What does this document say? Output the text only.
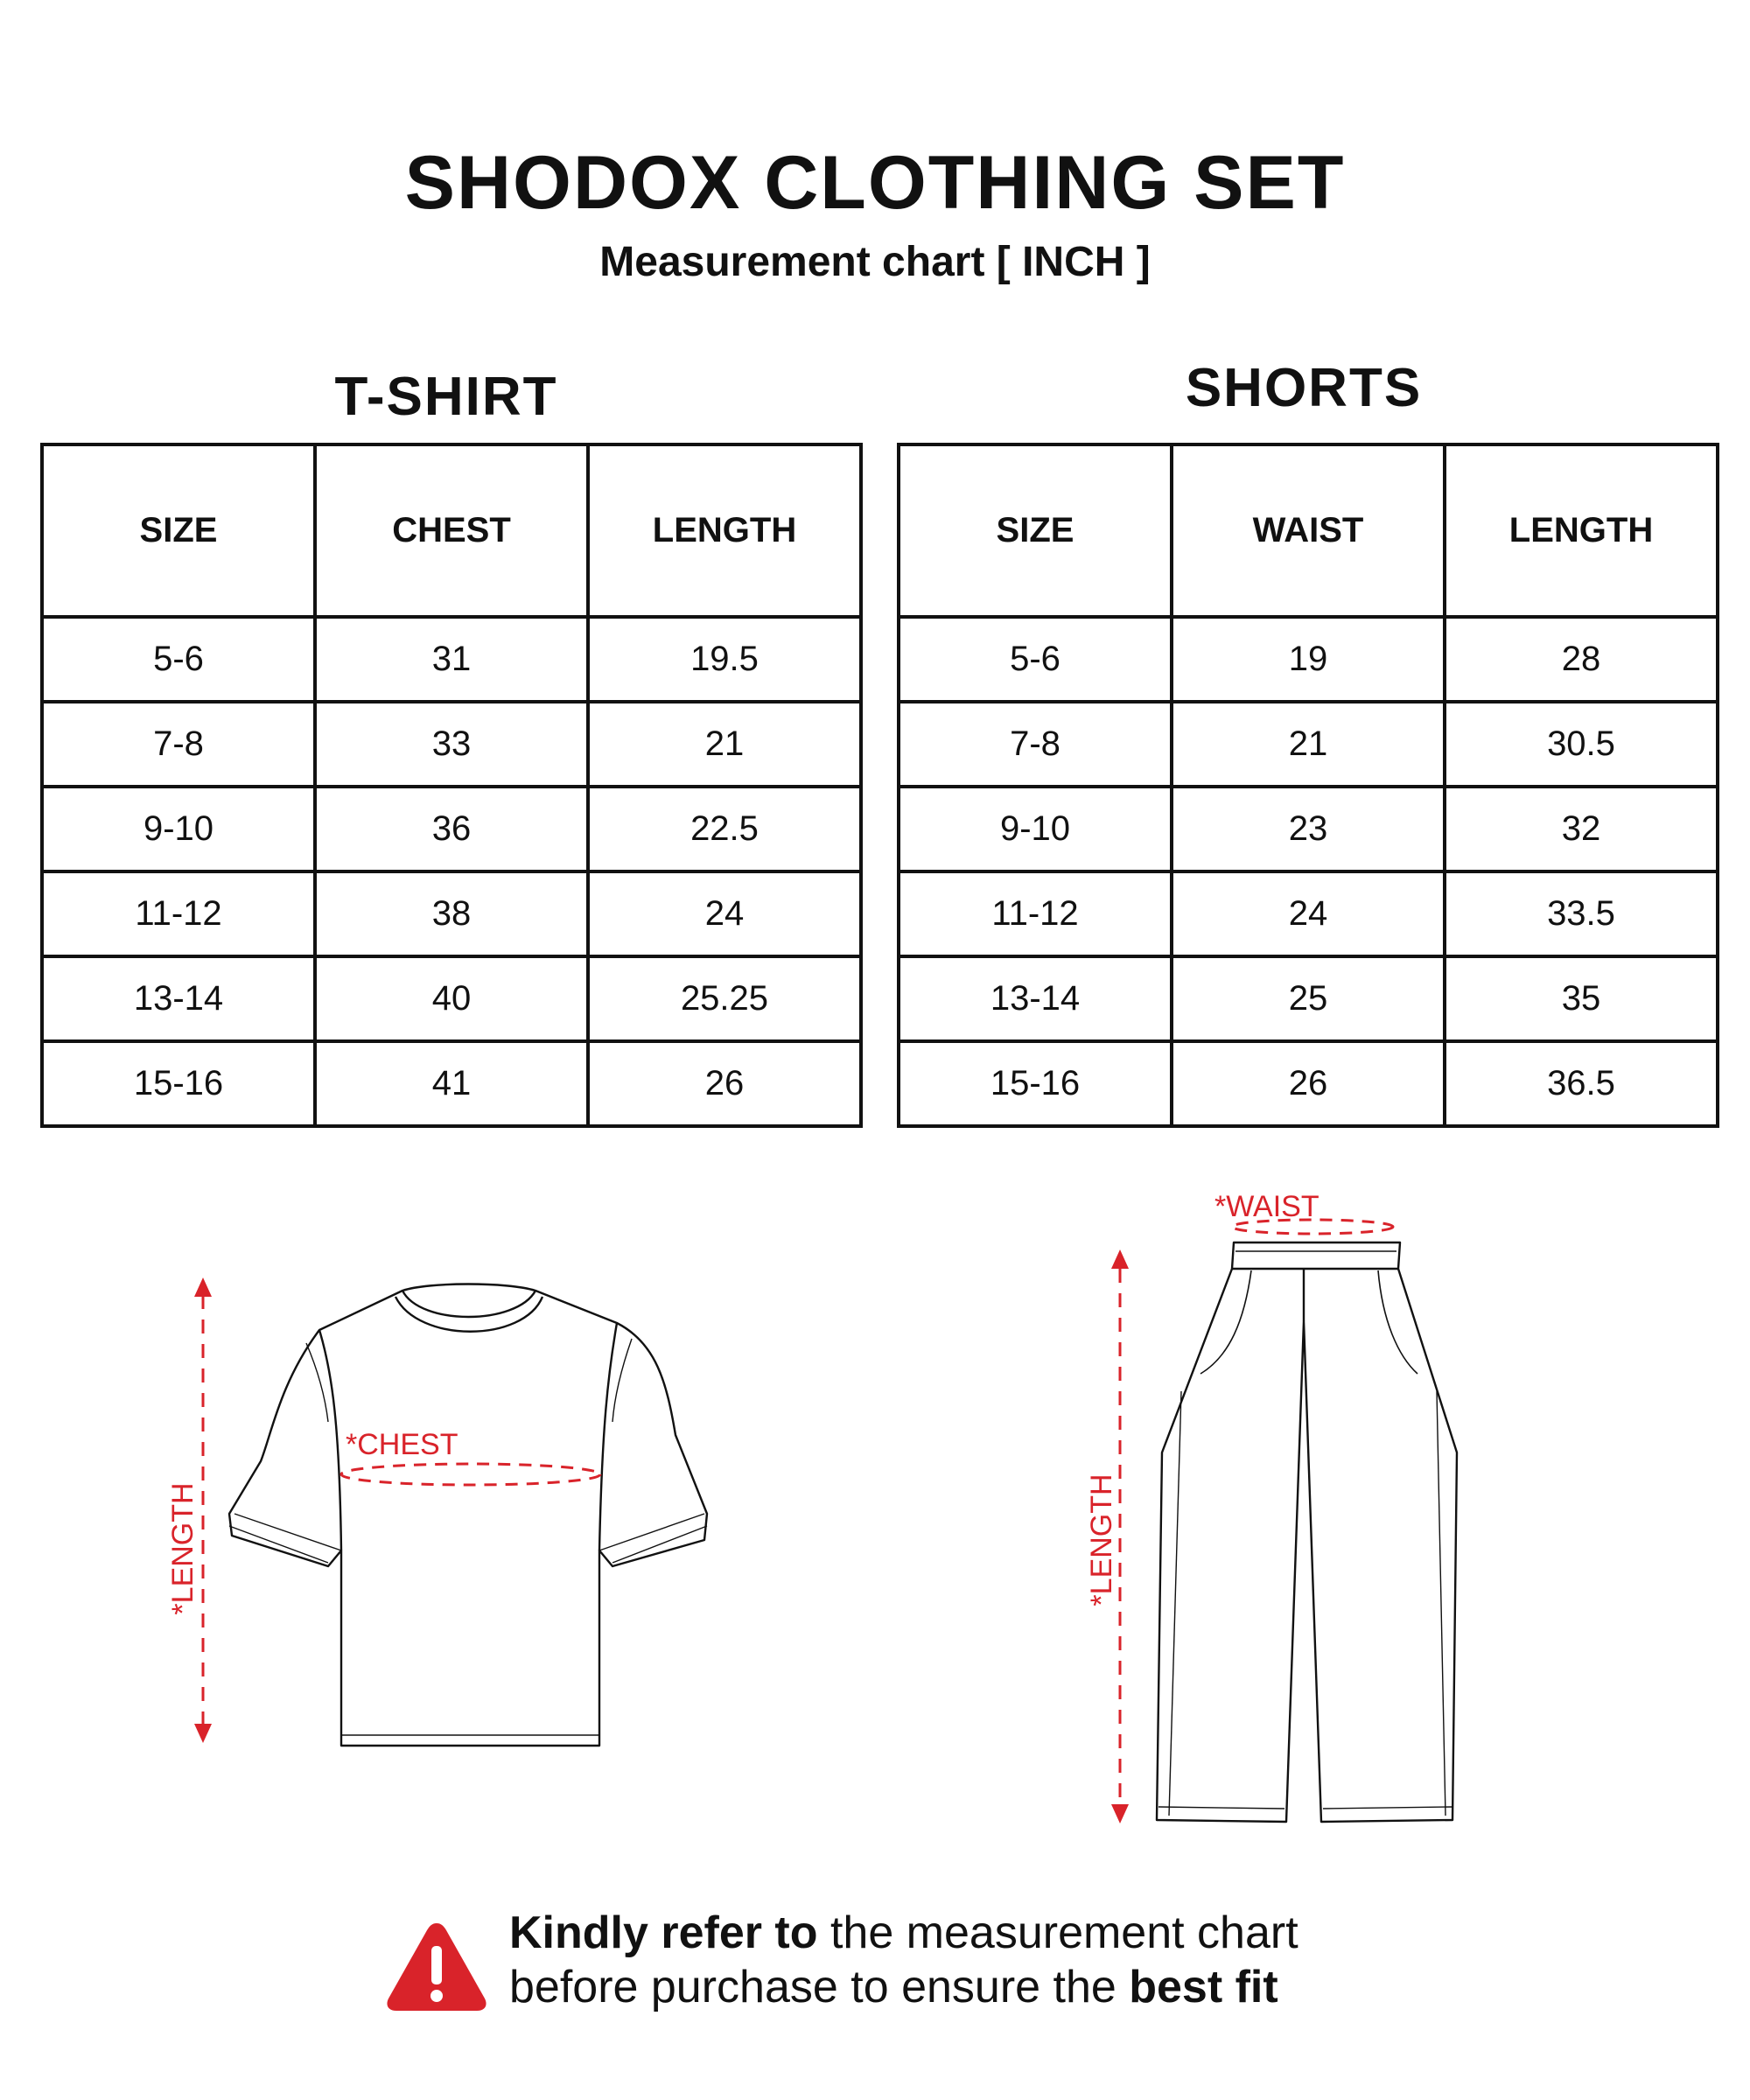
SHODOX CLOTHING SET
Measurement chart [ INCH ]
T-SHIRT	SHORTS
SIZE	CHEST	LENGTH
5-6	31	19.5
7-8	33	21
9-10	36	22.5
11-12	38	24
13-14	40	25.25
15-16	41	26
SIZE	WAIST	LENGTH
5-6	19	28
7-8	21	30.5
9-10	23	32
11-12	24	33.5
13-14	25	35
15-16	26	36.5
*LENGTH
*CHEST
*LENGTH
*WAIST
Kindly refer to the measurement chart
before purchase to ensure the best fit
